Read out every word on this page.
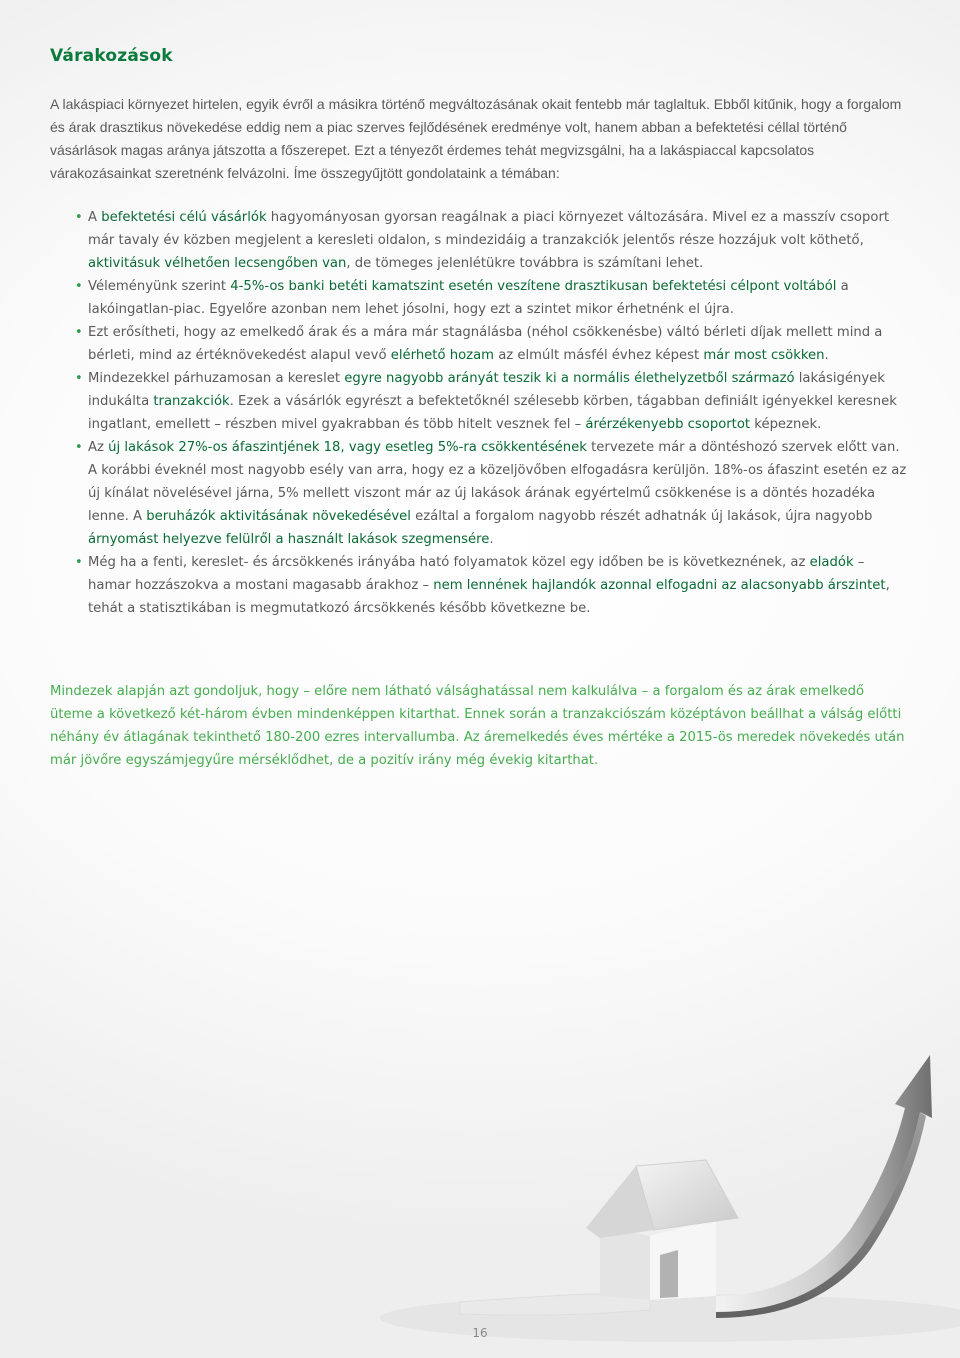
Várakozások

A lakáspiaci környezet hirtelen, egyik évről a másikra történő megváltozásának okait fentebb már taglaltuk. Ebből kitűnik, hogy a forgalom és árak drasztikus növekedése eddig nem a piac szerves fejlődésének eredménye volt, hanem abban a befektetési céllal történő vásárlások magas aránya játszotta a főszerepet. Ezt a tényezőt érdemes tehát megvizsgálni, ha a lakáspiaccal kapcsolatos várakozásainkat szeretnénk felvázolni. Íme összegyűjtött gondolataink a témában:

• A befektetési célú vásárlók hagyományosan gyorsan reagálnak a piaci környezet változására. Mivel ez a masszív csoport már tavaly év közben megjelent a keresleti oldalon, s mindezidáig a tranzakciók jelentős része hozzájuk volt köthető, aktivitásuk vélhetően lecsengőben van, de tömeges jelenlétükre továbbra is számítani lehet.
• Véleményünk szerint 4-5%-os banki betéti kamatszint esetén veszítene drasztikusan befektetési célpont voltából a lakóingatlan-piac. Egyelőre azonban nem lehet jósolni, hogy ezt a szintet mikor érhetnénk el újra.
• Ezt erősítheti, hogy az emelkedő árak és a mára már stagnálásba (néhol csökkenésbe) váltó bérleti díjak mellett mind a bérleti, mind az értéknövekedést alapul vevő elérhető hozam az elmúlt másfél évhez képest már most csökken.
• Mindezekkel párhuzamosan a kereslet egyre nagyobb arányát teszik ki a normális élethelyzetből származó lakásigények indukálta tranzakciók. Ezek a vásárlók egyrészt a befektetőknél szélesebb körben, tágabban definiált igényekkel keresnek ingatlant, emellett – részben mivel gyakrabban és több hitelt vesznek fel – árérzékenyebb csoportot képeznek.
• Az új lakások 27%-os áfaszintjének 18, vagy esetleg 5%-ra csökkentésének tervezete már a döntéshozó szervek előtt van. A korábbi éveknél most nagyobb esély van arra, hogy ez a közeljövőben elfogadásra kerüljön. 18%-os áfaszint esetén ez az új kínálat növelésével járna, 5% mellett viszont már az új lakások árának egyértelmű csökkenése is a döntés hozadéka lenne. A beruházók aktivitásának növekedésével ezáltal a forgalom nagyobb részét adhatnák új lakások, újra nagyobb árnyomást helyezve felülről a használt lakások szegmensére.
• Még ha a fenti, kereslet- és árcsökkenés irányába ható folyamatok közel egy időben be is következnének, az eladók – hamar hozzászokva a mostani magasabb árakhoz – nem lennének hajlandók azonnal elfogadni az alacsonyabb árszintet, tehát a statisztikában is megmutatkozó árcsökkenés később következne be.

Mindezek alapján azt gondoljuk, hogy – előre nem látható válsághatással nem kalkulálva – a forgalom és az árak emelkedő üteme a következő két-három évben mindenképpen kitarthat. Ennek során a tranzakciószám középtávon beállhat a válság előtti néhány év átlagának tekinthető 180-200 ezres intervallumba. Az áremelkedés éves mértéke a 2015-ös meredek növekedés után már jövőre egyszámjegyűre mérséklődhet, de a pozitív irány még évekig kitarthat.

16
